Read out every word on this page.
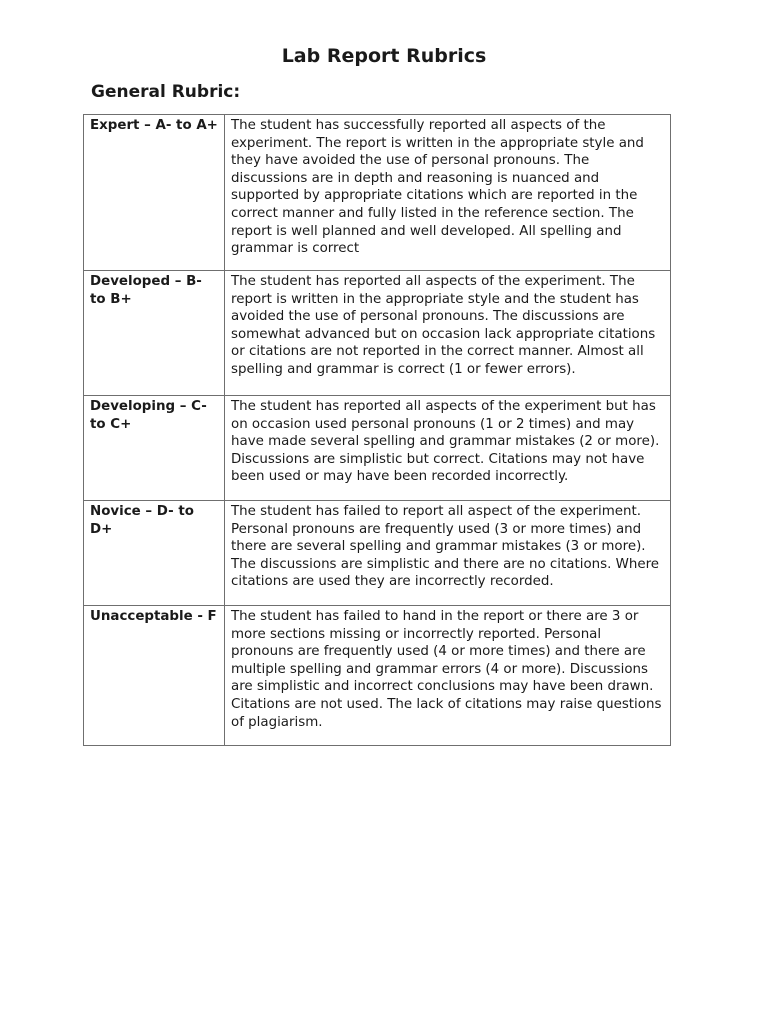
Lab Report Rubrics
General Rubric:
Expert – A- to A+	The student has successfully reported all aspects of the experiment. The report is written in the appropriate style and they have avoided the use of personal pronouns. The discussions are in depth and reasoning is nuanced and supported by appropriate citations which are reported in the correct manner and fully listed in the reference section. The report is well planned and well developed. All spelling and grammar is correct
Developed – B- to B+	The student has reported all aspects of the experiment. The report is written in the appropriate style and the student has avoided the use of personal pronouns. The discussions are somewhat advanced but on occasion lack appropriate citations or citations are not reported in the correct manner. Almost all spelling and grammar is correct (1 or fewer errors).
Developing – C- to C+	The student has reported all aspects of the experiment but has on occasion used personal pronouns (1 or 2 times) and may have made several spelling and grammar mistakes (2 or more). Discussions are simplistic but correct. Citations may not have been used or may have been recorded incorrectly.
Novice – D- to D+	The student has failed to report all aspect of the experiment. Personal pronouns are frequently used (3 or more times) and there are several spelling and grammar mistakes (3 or more). The discussions are simplistic and there are no citations. Where citations are used they are incorrectly recorded.
Unacceptable - F	The student has failed to hand in the report or there are 3 or more sections missing or incorrectly reported. Personal pronouns are frequently used (4 or more times) and there are multiple spelling and grammar errors (4 or more). Discussions are simplistic and incorrect conclusions may have been drawn. Citations are not used. The lack of citations may raise questions of plagiarism.
